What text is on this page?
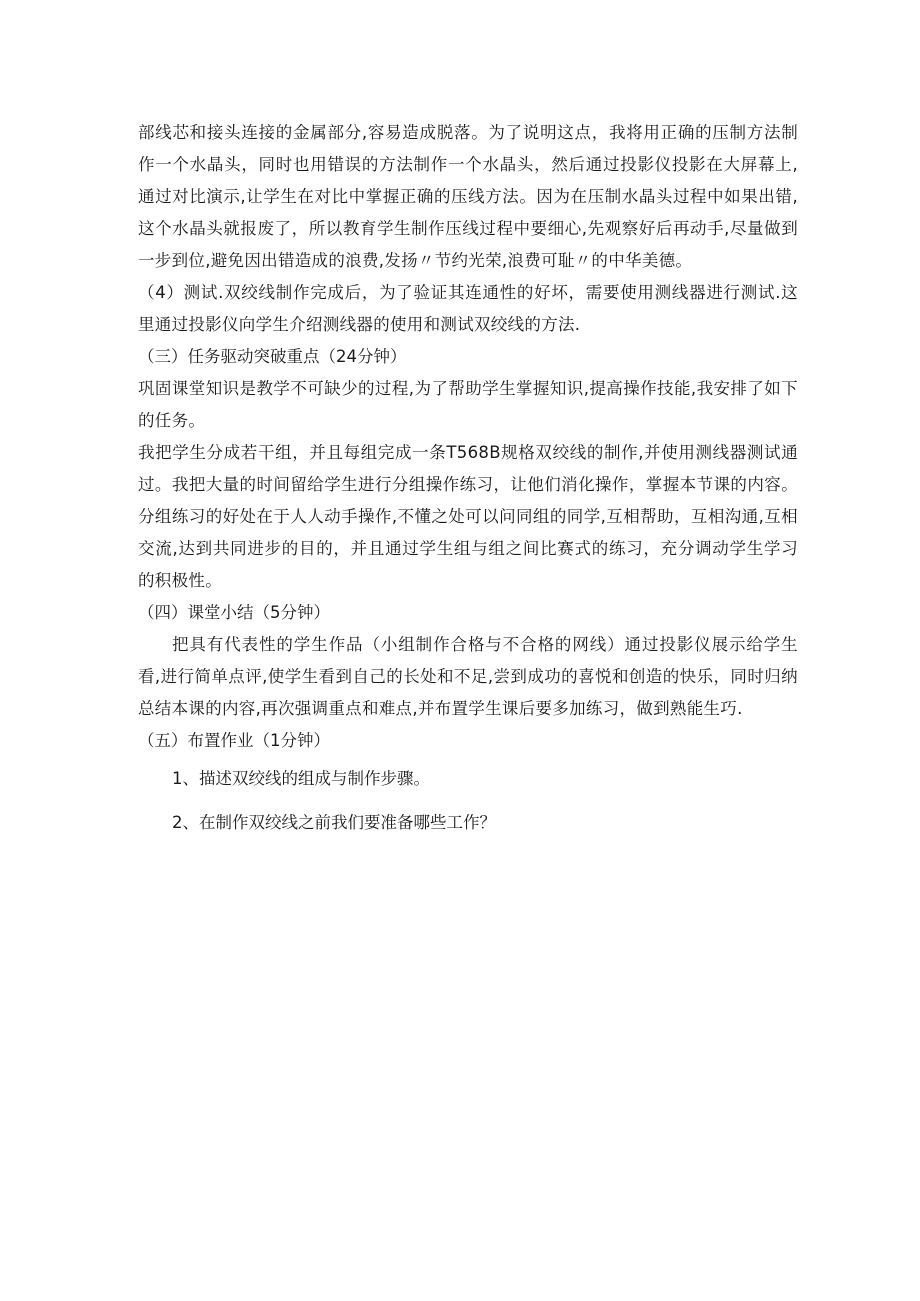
部线芯和接头连接的金属部分,容易造成脱落。为了说明这点，我将用正确的压制方法制作一个水晶头，同时也用错误的方法制作一个水晶头，然后通过投影仪投影在大屏幕上,通过对比演示,让学生在对比中掌握正确的压线方法。因为在压制水晶头过程中如果出错,这个水晶头就报废了，所以教育学生制作压线过程中要细心,先观察好后再动手,尽量做到一步到位,避免因出错造成的浪费,发扬〃节约光荣,浪费可耻〃的中华美德。

（4）测试.双绞线制作完成后，为了验证其连通性的好坏，需要使用测线器进行测试.这里通过投影仪向学生介绍测线器的使用和测试双绞线的方法.

（三）任务驱动突破重点（24分钟）

巩固课堂知识是教学不可缺少的过程,为了帮助学生掌握知识,提高操作技能,我安排了如下的任务。

我把学生分成若干组，并且每组完成一条T568B规格双绞线的制作,并使用测线器测试通过。我把大量的时间留给学生进行分组操作练习，让他们消化操作，掌握本节课的内容。分组练习的好处在于人人动手操作,不懂之处可以问同组的同学,互相帮助，互相沟通,互相交流,达到共同进步的目的，并且通过学生组与组之间比赛式的练习，充分调动学生学习的积极性。

（四）课堂小结（5分钟）

把具有代表性的学生作品（小组制作合格与不合格的网线）通过投影仪展示给学生看,进行简单点评,使学生看到自己的长处和不足,尝到成功的喜悦和创造的快乐，同时归纳总结本课的内容,再次强调重点和难点,并布置学生课后要多加练习，做到熟能生巧.

（五）布置作业（1分钟）

1、描述双绞线的组成与制作步骤。
2、在制作双绞线之前我们要准备哪些工作？
